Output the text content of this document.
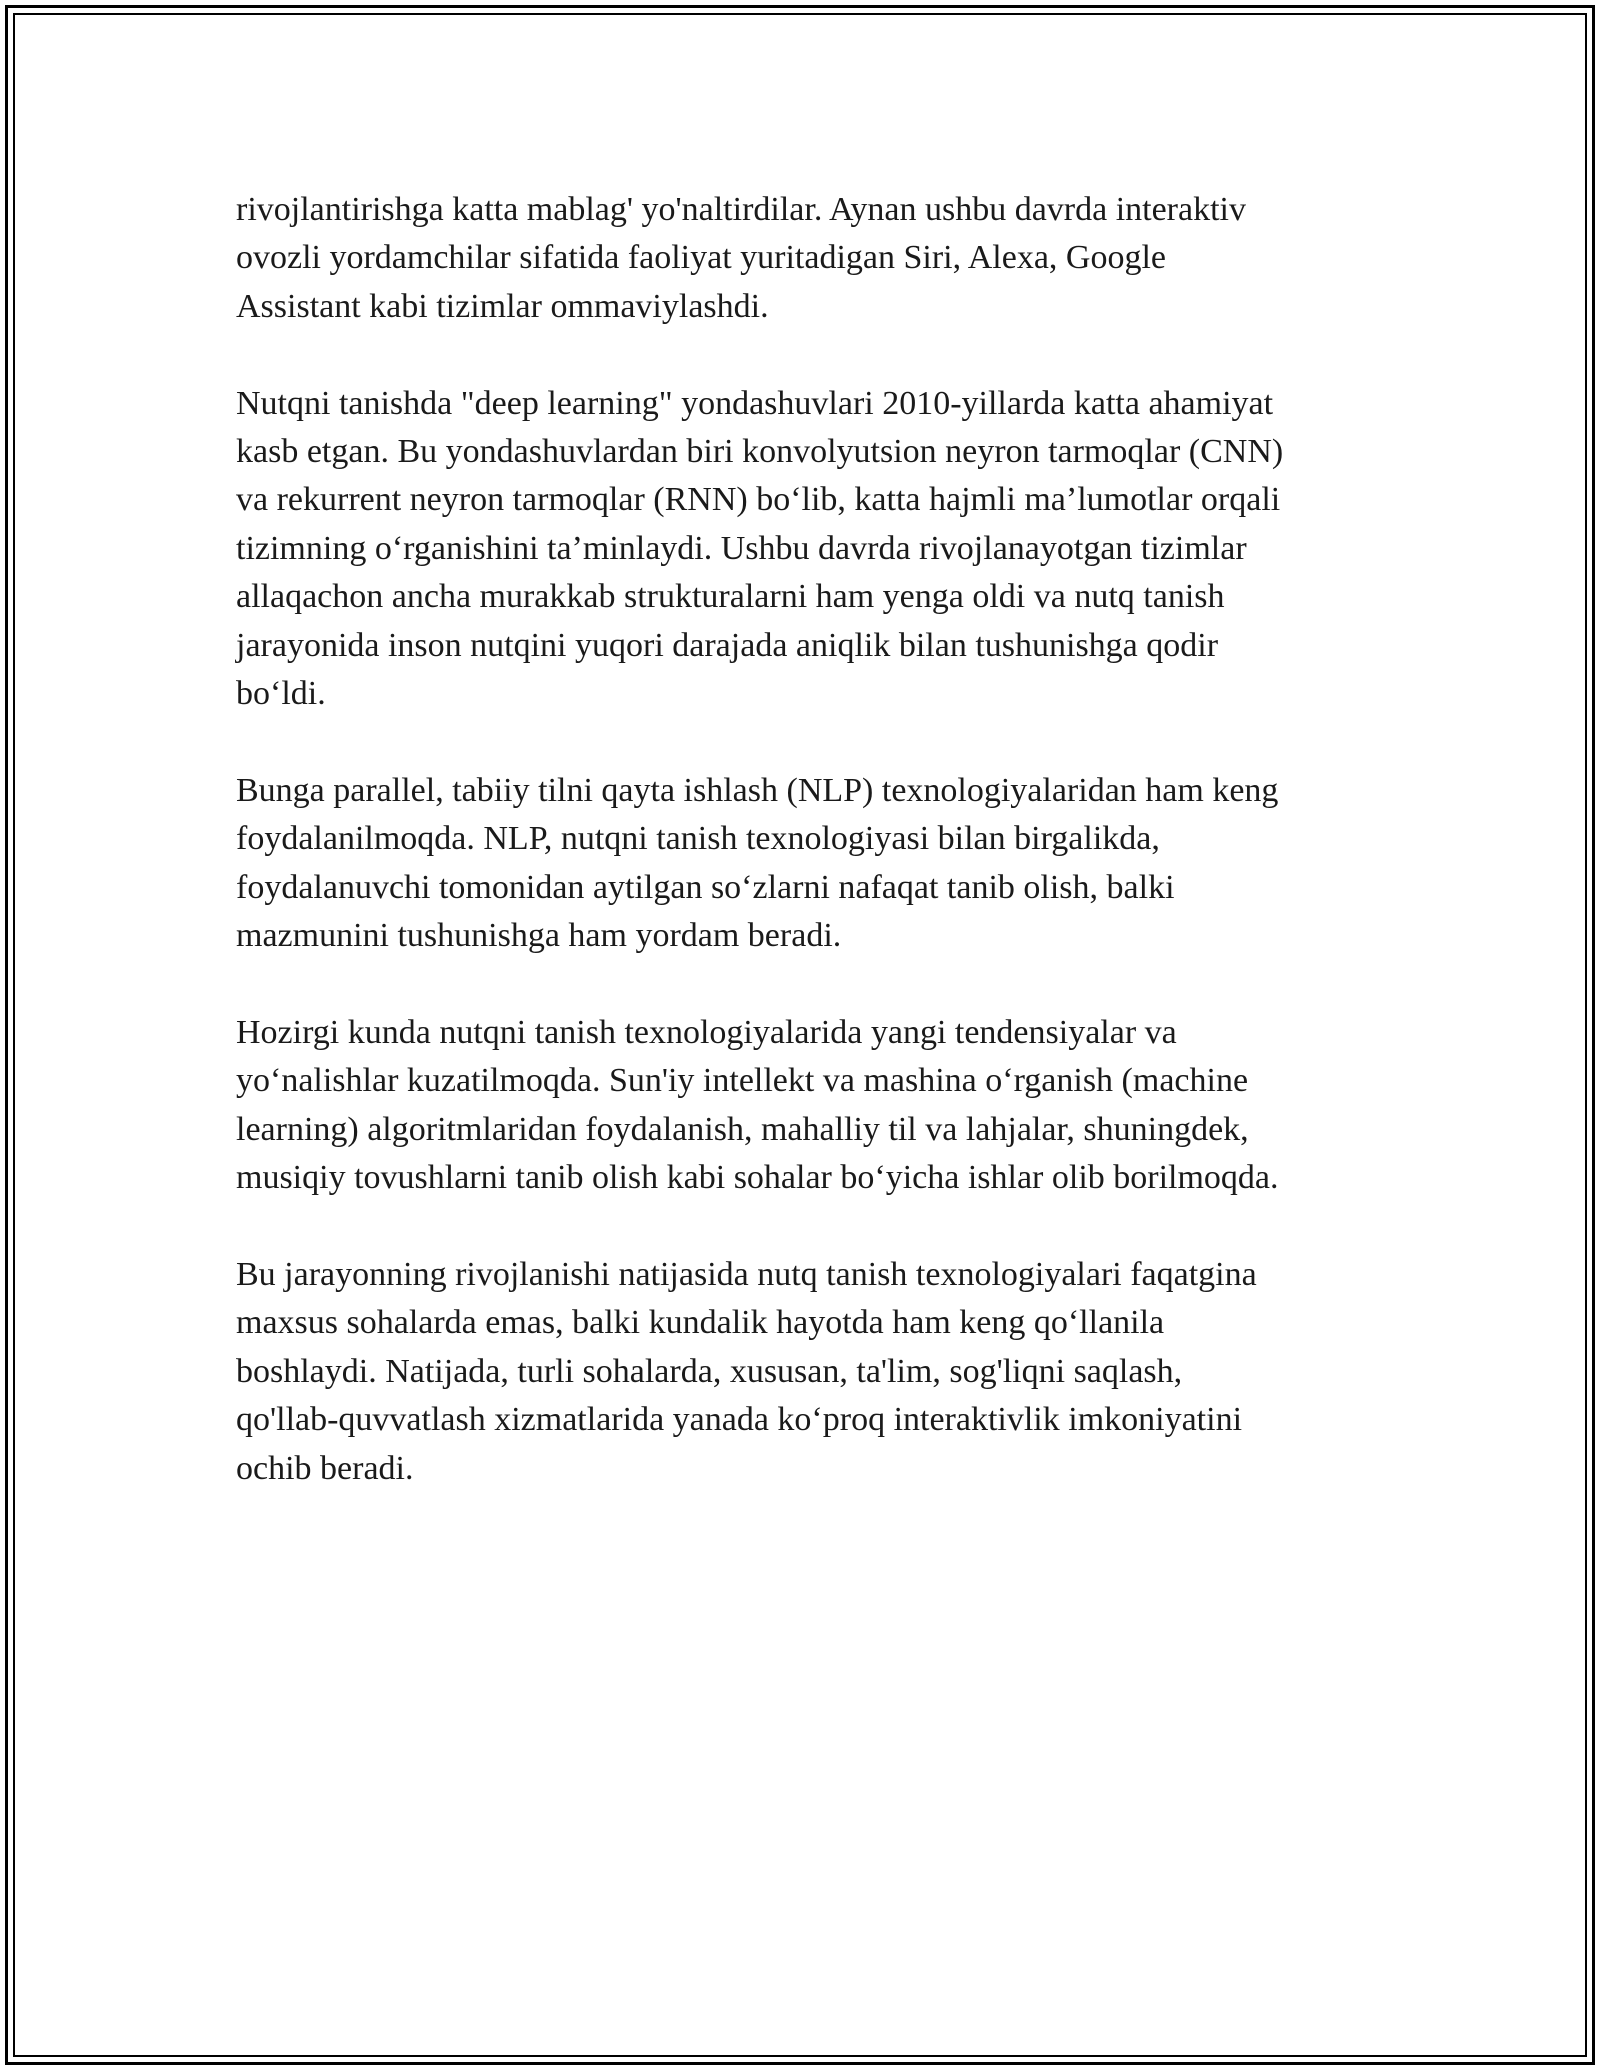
rivojlantirishga katta mablag' yo'naltirdilar. Aynan ushbu davrda interaktiv
ovozli yordamchilar sifatida faoliyat yuritadigan Siri, Alexa, Google
Assistant kabi tizimlar ommaviylashdi.

Nutqni tanishda "deep learning" yondashuvlari 2010-yillarda katta ahamiyat
kasb etgan. Bu yondashuvlardan biri konvolyutsion neyron tarmoqlar (CNN)
va rekurrent neyron tarmoqlar (RNN) bo‘lib, katta hajmli ma’lumotlar orqali
tizimning o‘rganishini ta’minlaydi. Ushbu davrda rivojlanayotgan tizimlar
allaqachon ancha murakkab strukturalarni ham yenga oldi va nutq tanish
jarayonida inson nutqini yuqori darajada aniqlik bilan tushunishga qodir
bo‘ldi.

Bunga parallel, tabiiy tilni qayta ishlash (NLP) texnologiyalaridan ham keng
foydalanilmoqda. NLP, nutqni tanish texnologiyasi bilan birgalikda,
foydalanuvchi tomonidan aytilgan so‘zlarni nafaqat tanib olish, balki
mazmunini tushunishga ham yordam beradi.

Hozirgi kunda nutqni tanish texnologiyalarida yangi tendensiyalar va
yo‘nalishlar kuzatilmoqda. Sun'iy intellekt va mashina o‘rganish (machine
learning) algoritmlaridan foydalanish, mahalliy til va lahjalar, shuningdek,
musiqiy tovushlarni tanib olish kabi sohalar bo‘yicha ishlar olib borilmoqda.

Bu jarayonning rivojlanishi natijasida nutq tanish texnologiyalari faqatgina
maxsus sohalarda emas, balki kundalik hayotda ham keng qo‘llanila
boshlaydi. Natijada, turli sohalarda, xususan, ta'lim, sog'liqni saqlash,
qo'llab-quvvatlash xizmatlarida yanada ko‘proq interaktivlik imkoniyatini
ochib beradi.
